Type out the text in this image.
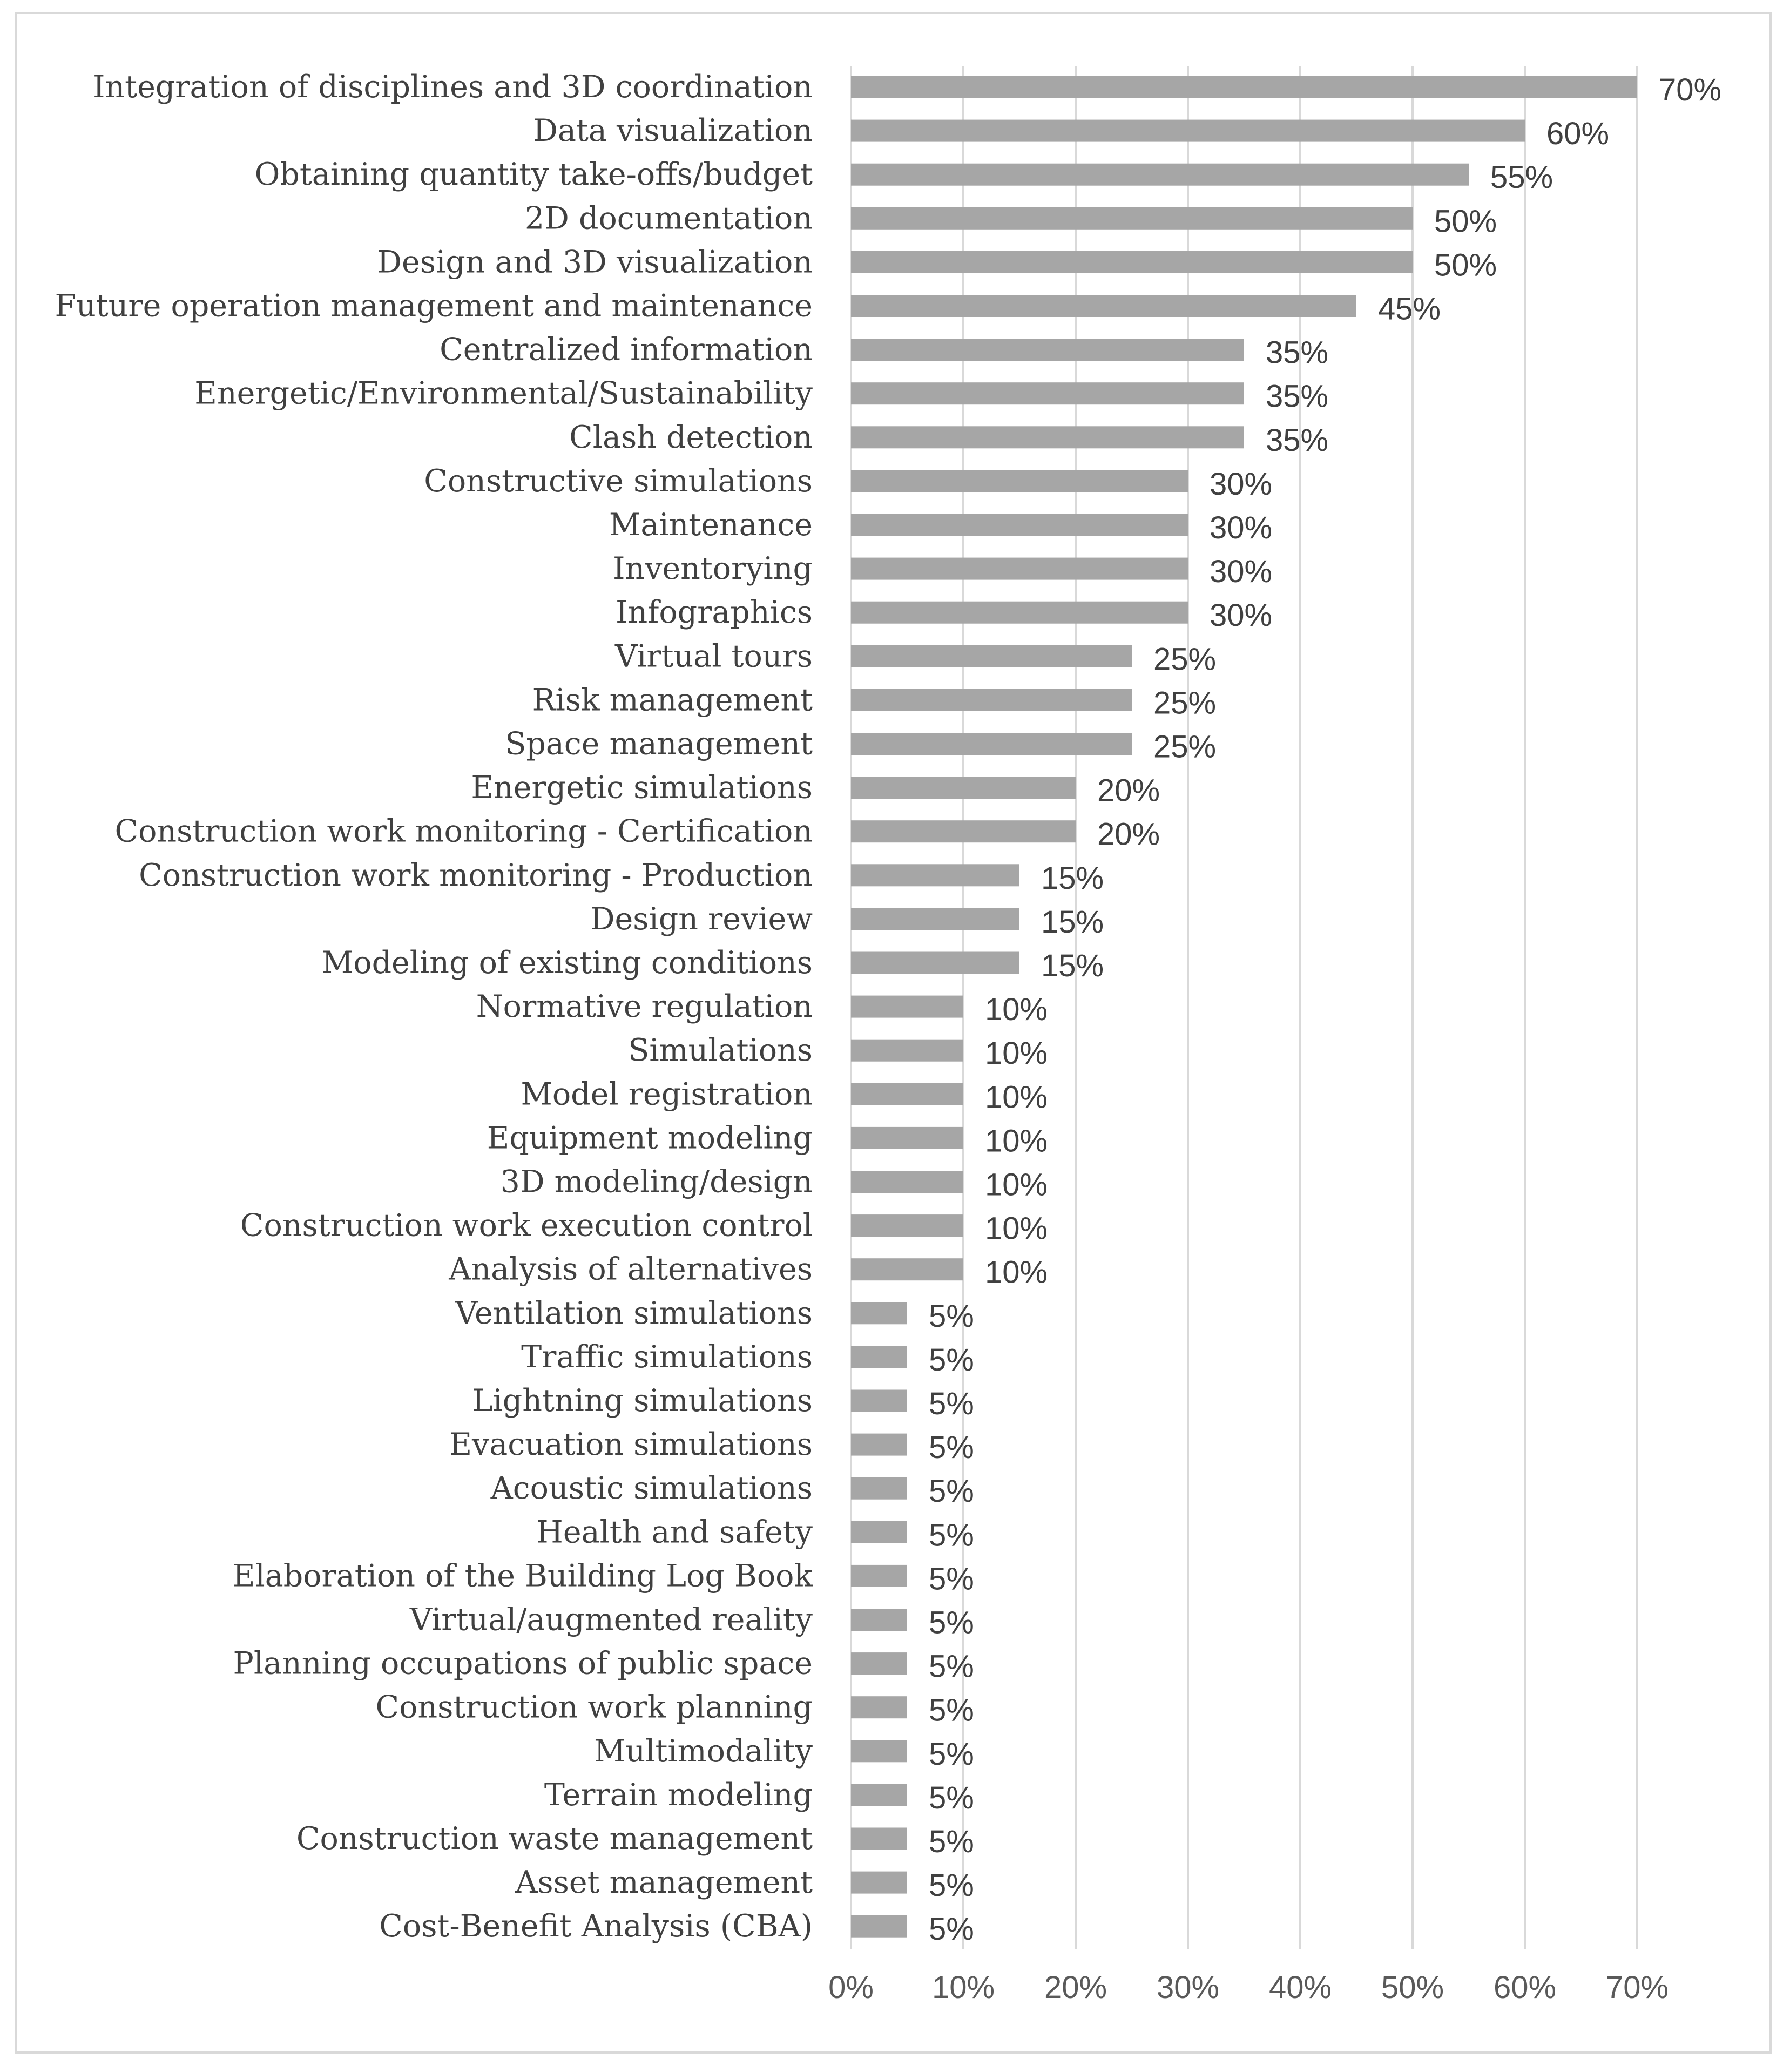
Integration of disciplines and 3D coordination
Data visualization
Obtaining quantity take-offs/budget
2D documentation
Design and 3D visualization
Future operation management and maintenance
Centralized information
Energetic/Environmental/Sustainability
Clash detection
Constructive simulations
Maintenance
Inventorying
Infographics
Virtual tours
Risk management
Space management
Energetic simulations
Construction work monitoring - Certification
Construction work monitoring - Production
Design review
Modeling of existing conditions
Normative regulation
Simulations
Model registration
Equipment modeling
3D modeling/design
Construction work execution control
Analysis of alternatives
Ventilation simulations
Traffic simulations
Lightning simulations
Evacuation simulations
Acoustic simulations
Health and safety
Elaboration of the Building Log Book
Virtual/augmented reality
Planning occupations of public space
Construction work planning
Multimodality
Terrain modeling
Construction waste management
Asset management
Cost-Benefit Analysis (CBA)
70%
60%
55%
50%
50%
45%
35%
35%
35%
30%
30%
30%
30%
25%
25%
25%
20%
20%
15%
15%
15%
10%
10%
10%
10%
10%
10%
10%
5%
5%
5%
5%
5%
5%
5%
5%
5%
5%
5%
5%
5%
5%
5%
0% 10% 20% 30% 40% 50% 60% 70%
